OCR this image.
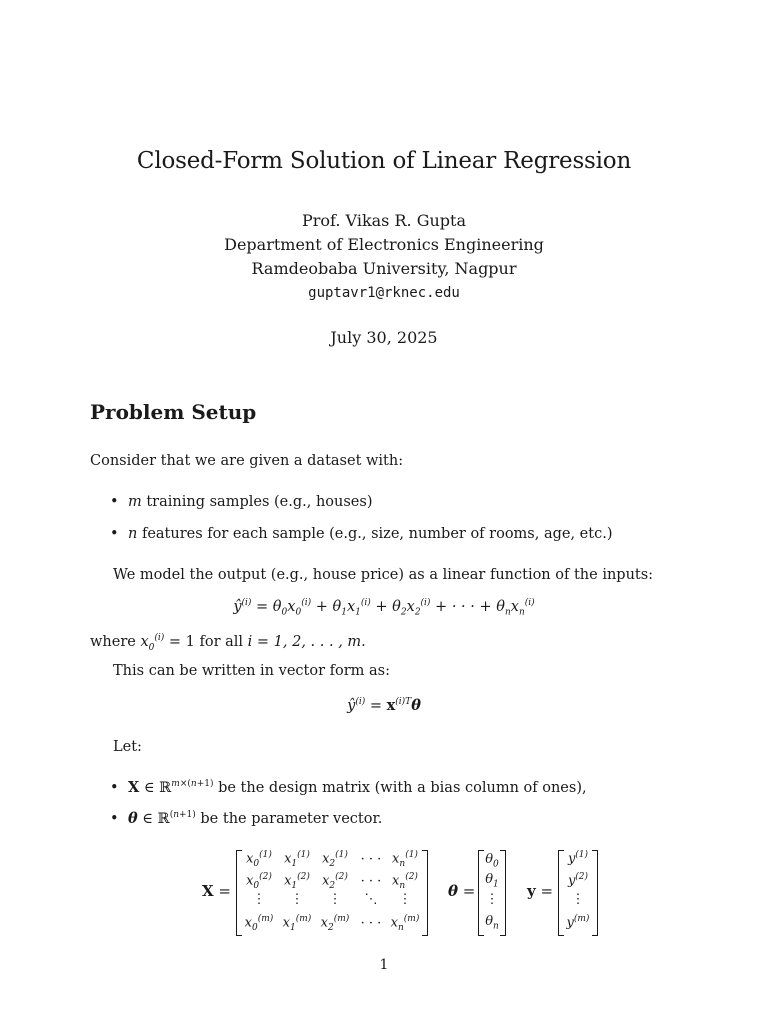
Closed-Form Solution of Linear Regression
Prof. Vikas R. Gupta
Department of Electronics Engineering
Ramdeobaba University, Nagpur
guptavr1@rknec.edu
July 30, 2025
Problem Setup
Consider that we are given a dataset with:
• m training samples (e.g., houses)
• n features for each sample (e.g., size, number of rooms, age, etc.)
We model the output (e.g., house price) as a linear function of the inputs:
$ŷ^{(i)} = \theta_0x_0^{(i)} + \theta_1x_1^{(i)} + \theta_2x_2^{(i)}$ + · · · + $\theta_nx_n^{(i)}$
where $x_0^{(i)} = 1$ for all i = 1, 2, . . . , m.
This can be written in vector form as:
$ŷ^{(i)} = x^{(i)T}\theta$
Let:
• X ∈ ℝ$^{m\times(n+1)}$ be the design matrix (with a bias column of ones),
• θ ∈ ℝ$^{(n+1)}$ be the parameter vector.
X =
$x_0^{(1)}$ $x_1^{(1)}$ $x_2^{(1)}$ · · · $x_n^{(1)}$
$x_0^{(2)}$ $x_1^{(2)}$ $x_2^{(2)}$ · · · $x_n^{(2)}$
⋮	⋮	⋮	⋱	⋮
$x_0^{(m)}$ $x_1^{(m)}$ $x_2^{(m)}$ · · · $x_n^{(m)}$
θ =
$\theta_0$
$\theta_1$
⋮
$\theta_n$
y =
$y^{(1)}$
$y^{(2)}$
⋮
$y^{(m)}$
1
